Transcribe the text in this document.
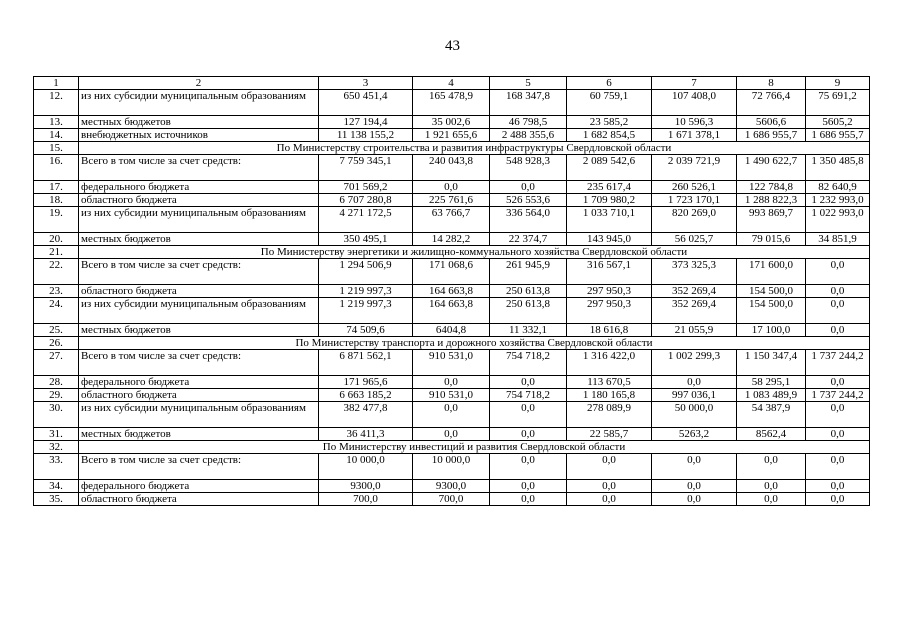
43
1	2	3	4	5	6	7	8	9
12.	из них субсидии муниципальным образованиям	650 451,4	165 478,9	168 347,8	60 759,1	107 408,0	72 766,4	75 691,2
13.	местных бюджетов	127 194,4	35 002,6	46 798,5	23 585,2	10 596,3	5606,6	5605,2
14.	внебюджетных источников	11 138 155,2	1 921 655,6	2 488 355,6	1 682 854,5	1 671 378,1	1 686 955,7	1 686 955,7
15.	По Министерству строительства и развития инфраструктуры Свердловской области							
16.	Всего в том числе за счет средств:	7 759 345,1	240 043,8	548 928,3	2 089 542,6	2 039 721,9	1 490 622,7	1 350 485,8
17.	федерального бюджета	701 569,2	0,0	0,0	235 617,4	260 526,1	122 784,8	82 640,9
18.	областного бюджета	6 707 280,8	225 761,6	526 553,6	1 709 980,2	1 723 170,1	1 288 822,3	1 232 993,0
19.	из них субсидии муниципальным образованиям	4 271 172,5	63 766,7	336 564,0	1 033 710,1	820 269,0	993 869,7	1 022 993,0
20.	местных бюджетов	350 495,1	14 282,2	22 374,7	143 945,0	56 025,7	79 015,6	34 851,9
21.	По Министерству энергетики и жилищно-коммунального хозяйства Свердловской области							
22.	Всего в том числе за счет средств:	1 294 506,9	171 068,6	261 945,9	316 567,1	373 325,3	171 600,0	0,0
23.	областного бюджета	1 219 997,3	164 663,8	250 613,8	297 950,3	352 269,4	154 500,0	0,0
24.	из них субсидии муниципальным образованиям	1 219 997,3	164 663,8	250 613,8	297 950,3	352 269,4	154 500,0	0,0
25.	местных бюджетов	74 509,6	6404,8	11 332,1	18 616,8	21 055,9	17 100,0	0,0
26.	По Министерству транспорта и дорожного хозяйства Свердловской области							
27.	Всего в том числе за счет средств:	6 871 562,1	910 531,0	754 718,2	1 316 422,0	1 002 299,3	1 150 347,4	1 737 244,2
28.	федерального бюджета	171 965,6	0,0	0,0	113 670,5	0,0	58 295,1	0,0
29.	областного бюджета	6 663 185,2	910 531,0	754 718,2	1 180 165,8	997 036,1	1 083 489,9	1 737 244,2
30.	из них субсидии муниципальным образованиям	382 477,8	0,0	0,0	278 089,9	50 000,0	54 387,9	0,0
31.	местных бюджетов	36 411,3	0,0	0,0	22 585,7	5263,2	8562,4	0,0
32.	По Министерству инвестиций и развития Свердловской области							
33.	Всего в том числе за счет средств:	10 000,0	10 000,0	0,0	0,0	0,0	0,0	0,0
34.	федерального бюджета	9300,0	9300,0	0,0	0,0	0,0	0,0	0,0
35.	областного бюджета	700,0	700,0	0,0	0,0	0,0	0,0	0,0
